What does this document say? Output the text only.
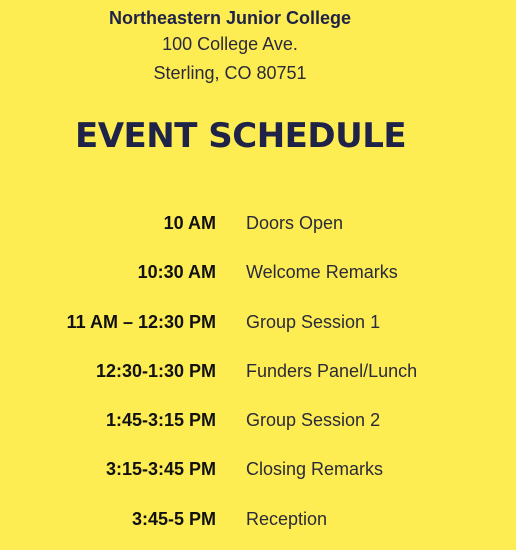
Northeastern Junior College
100 College Ave.
Sterling, CO 80751
EVENT SCHEDULE
10 AM Doors Open
10:30 AM Welcome Remarks
11 AM – 12:30 PM Group Session 1
12:30-1:30 PM Funders Panel/Lunch
1:45-3:15 PM Group Session 2
3:15-3:45 PM Closing Remarks
3:45-5 PM Reception
